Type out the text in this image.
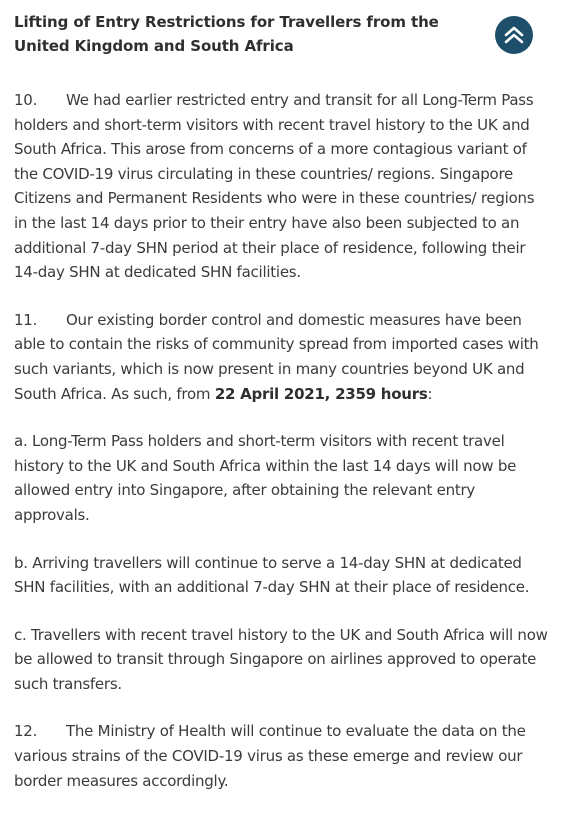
Lifting of Entry Restrictions for Travellers from the United Kingdom and South Africa

10. We had earlier restricted entry and transit for all Long-Term Pass holders and short-term visitors with recent travel history to the UK and South Africa. This arose from concerns of a more contagious variant of the COVID-19 virus circulating in these countries/ regions. Singapore Citizens and Permanent Residents who were in these countries/ regions in the last 14 days prior to their entry have also been subjected to an additional 7-day SHN period at their place of residence, following their 14-day SHN at dedicated SHN facilities.

11. Our existing border control and domestic measures have been able to contain the risks of community spread from imported cases with such variants, which is now present in many countries beyond UK and South Africa. As such, from 22 April 2021, 2359 hours:

a. Long-Term Pass holders and short-term visitors with recent travel history to the UK and South Africa within the last 14 days will now be allowed entry into Singapore, after obtaining the relevant entry approvals.

b. Arriving travellers will continue to serve a 14-day SHN at dedicated SHN facilities, with an additional 7-day SHN at their place of residence.

c. Travellers with recent travel history to the UK and South Africa will now be allowed to transit through Singapore on airlines approved to operate such transfers.

12. The Ministry of Health will continue to evaluate the data on the various strains of the COVID-19 virus as these emerge and review our border measures accordingly.
